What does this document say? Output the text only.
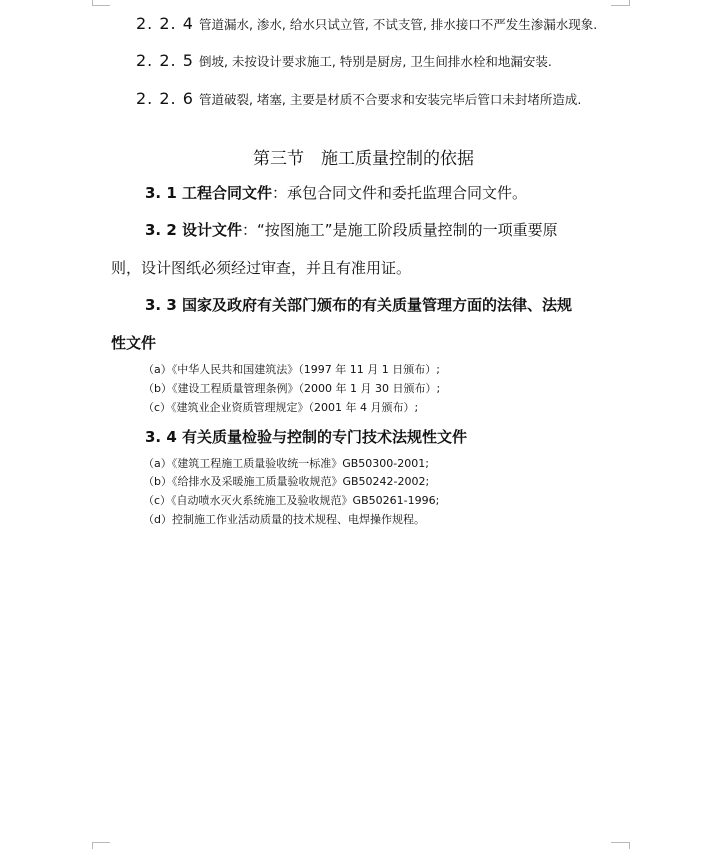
2. 2. 4 管道漏水, 渗水, 给水只试立管, 不试支管, 排水接口不严发生渗漏水现象.
2. 2. 5 倒坡, 未按设计要求施工, 特别是厨房, 卫生间排水栓和地漏安装.
2. 2. 6 管道破裂, 堵塞, 主要是材质不合要求和安装完毕后管口未封堵所造成.
第三节　施工质量控制的依据
3. 1 工程合同文件：承包合同文件和委托监理合同文件。
3. 2 设计文件：“按图施工”是施工阶段质量控制的一项重要原
则，设计图纸必须经过审查，并且有准用证。
3. 3 国家及政府有关部门颁布的有关质量管理方面的法律、法规
性文件
（a）《中华人民共和国建筑法》（1997 年 11 月 1 日颁布）;
（b）《建设工程质量管理条例》（2000 年 1 月 30 日颁布）;
（c）《建筑业企业资质管理规定》（2001 年 4 月颁布）;
3. 4 有关质量检验与控制的专门技术法规性文件
（a）《建筑工程施工质量验收统一标准》GB50300-2001;
（b）《给排水及采暖施工质量验收规范》GB50242-2002;
（c）《自动喷水灭火系统施工及验收规范》GB50261-1996;
（d）控制施工作业活动质量的技术规程、电焊操作规程。
